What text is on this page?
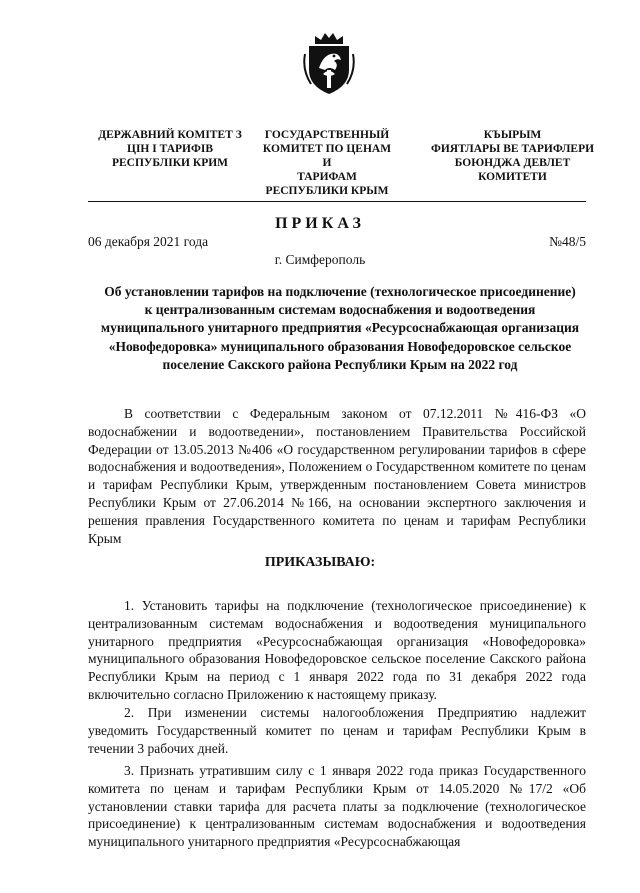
ДЕРЖАВНИЙ КОМІТЕТ З
ЦІН І ТАРИФІВ
РЕСПУБЛІКИ КРИМ
ГОСУДАРСТВЕННЫЙ
КОМИТЕТ ПО ЦЕНАМ И
ТАРИФАМ
РЕСПУБЛИКИ КРЫМ
КЪЫРЫМ
ФИЯТЛАРЫ ВЕ ТАРИФЛЕРИ
БОЮНДЖА ДЕВЛЕТ
КОМИТЕТИ
ПРИКАЗ
06 декабря 2021 года	№48/5
г. Симферополь
Об установлении тарифов на подключение (технологическое присоединение) к централизованным системам водоснабжения и водоотведения муниципального унитарного предприятия «Ресурсоснабжающая организация «Новофедоровка» муниципального образования Новофедоровское сельское поселение Сакского района Республики Крым на 2022 год
В соответствии с Федеральным законом от 07.12.2011 №416-ФЗ «О водоснабжении и водоотведении», постановлением Правительства Российской Федерации от 13.05.2013 №406 «О государственном регулировании тарифов в сфере водоснабжения и водоотведения», Положением о Государственном комитете по ценам и тарифам Республики Крым, утвержденным постановлением Совета министров Республики Крым от 27.06.2014 №166, на основании экспертного заключения и решения правления Государственного комитета по ценам и тарифам Республики Крым
ПРИКАЗЫВАЮ:
1. Установить тарифы на подключение (технологическое присоединение) к централизованным системам водоснабжения и водоотведения муниципального унитарного предприятия «Ресурсоснабжающая организация «Новофедоровка» муниципального образования Новофедоровское сельское поселение Сакского района Республики Крым на период с 1 января 2022 года по 31 декабря 2022 года включительно согласно Приложению к настоящему приказу.
2. При изменении системы налогообложения Предприятию надлежит уведомить Государственный комитет по ценам и тарифам Республики Крым в течении 3 рабочих дней.
3. Признать утратившим силу с 1 января 2022 года приказ Государственного комитета по ценам и тарифам Республики Крым от 14.05.2020 №17/2 «Об установлении ставки тарифа для расчета платы за подключение (технологическое присоединение) к централизованным системам водоснабжения и водоотведения муниципального унитарного предприятия «Ресурсоснабжающая
